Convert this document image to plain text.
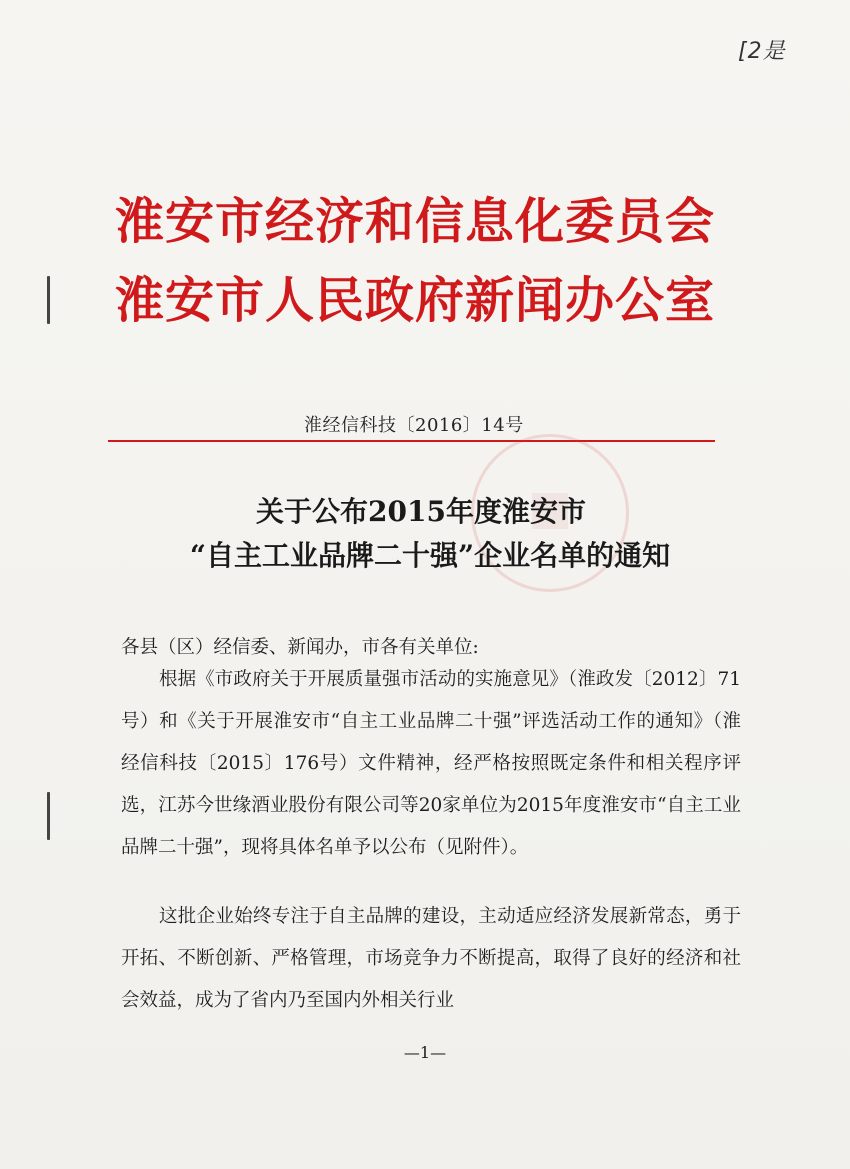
[2是
淮安市经济和信息化委员会
淮安市人民政府新闻办公室
淮经信科技〔2016〕14号
关于公布2015年度淮安市
“自主工业品牌二十强”企业名单的通知
各县（区）经信委、新闻办，市各有关单位:
根据《市政府关于开展质量强市活动的实施意见》（淮政发〔2012〕71号）和《关于开展淮安市“自主工业品牌二十强”评选活动工作的通知》（淮经信科技〔2015〕176号）文件精神，经严格按照既定条件和相关程序评选，江苏今世缘酒业股份有限公司等20家单位为2015年度淮安市“自主工业品牌二十强”，现将具体名单予以公布（见附件）。
这批企业始终专注于自主品牌的建设，主动适应经济发展新常态，勇于开拓、不断创新、严格管理，市场竞争力不断提高，取得了良好的经济和社会效益，成为了省内乃至国内外相关行业
—1—
